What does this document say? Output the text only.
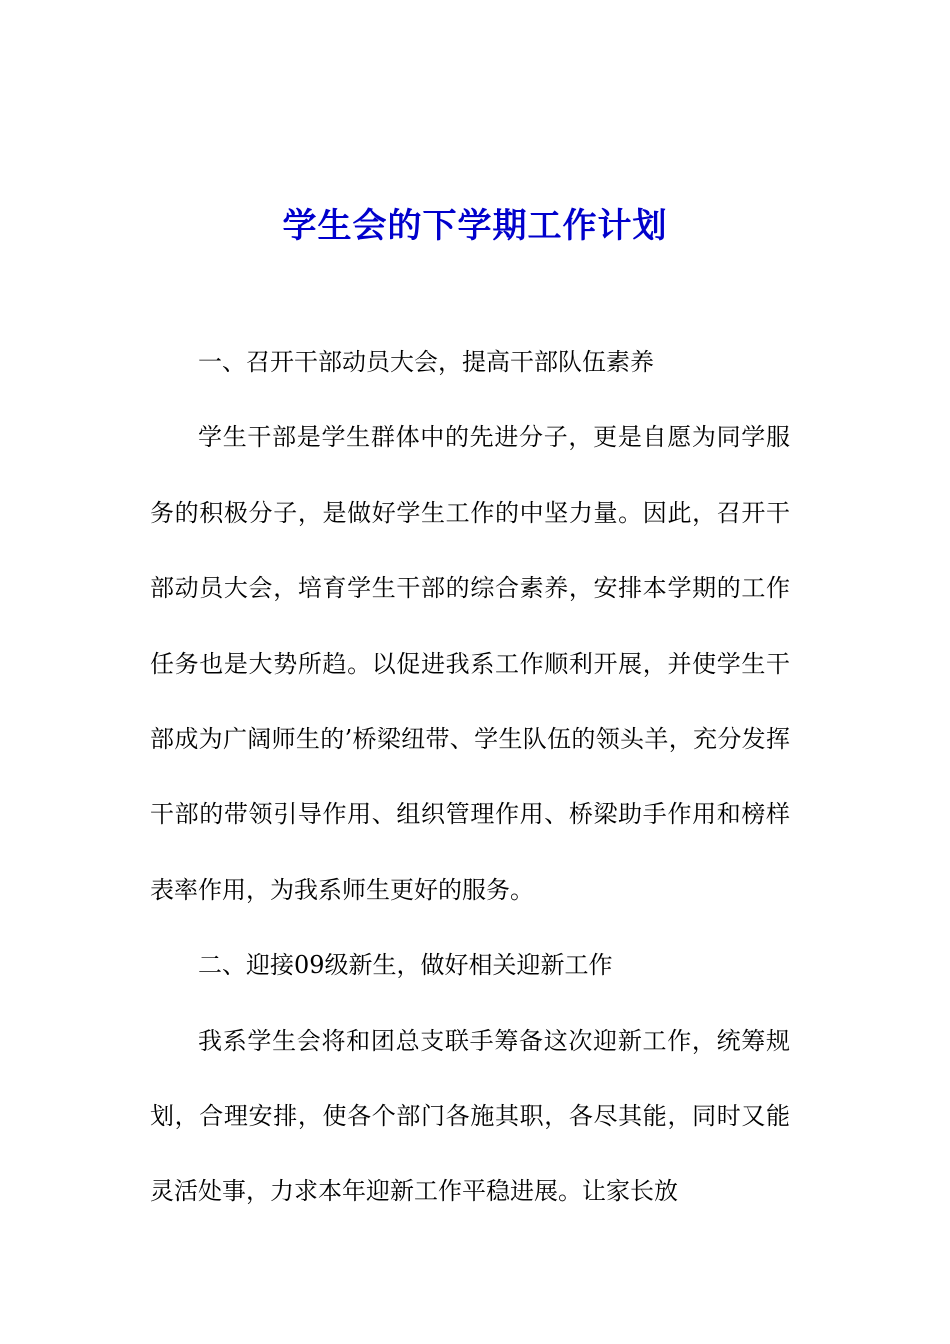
学生会的下学期工作计划

一、召开干部动员大会，提高干部队伍素养

学生干部是学生群体中的先进分子，更是自愿为同学服务的积极分子，是做好学生工作的中坚力量。因此，召开干部动员大会，培育学生干部的综合素养，安排本学期的工作任务也是大势所趋。以促进我系工作顺利开展，并使学生干部成为广阔师生的’桥梁纽带、学生队伍的领头羊，充分发挥干部的带领引导作用、组织管理作用、桥梁助手作用和榜样表率作用，为我系师生更好的服务。

二、迎接09级新生，做好相关迎新工作

我系学生会将和团总支联手筹备这次迎新工作，统筹规划，合理安排，使各个部门各施其职，各尽其能，同时又能灵活处事，力求本年迎新工作平稳进展。让家长放
